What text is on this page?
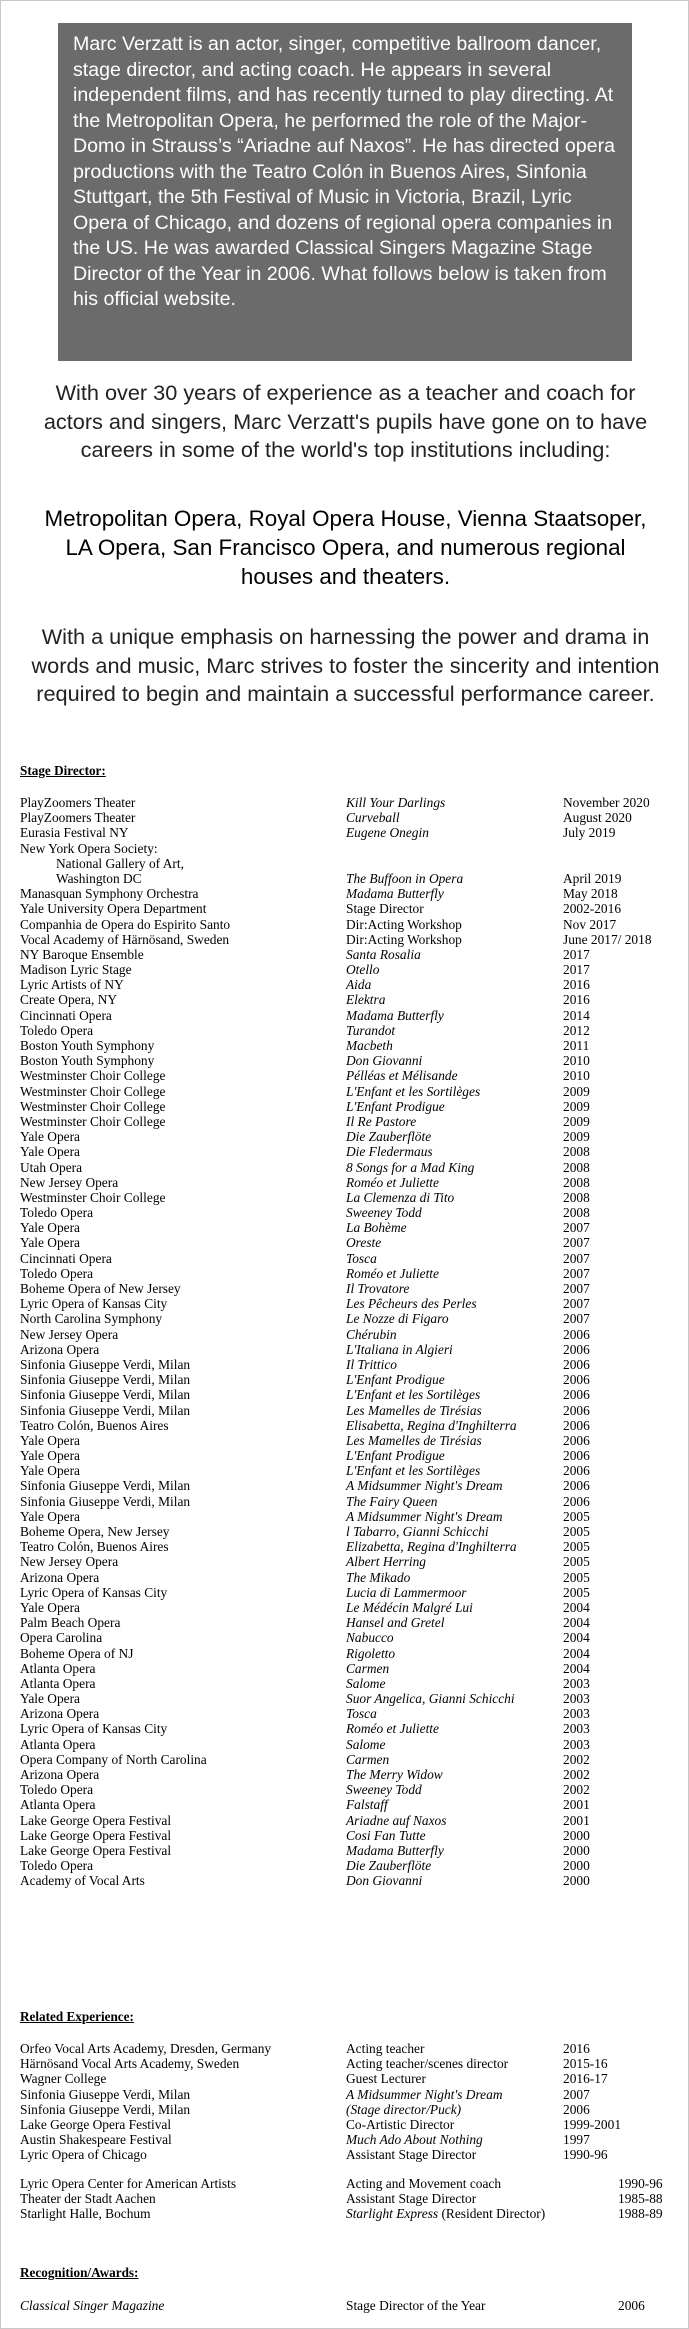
Marc Verzatt is an actor, singer, competitive ballroom dancer, stage director, and acting coach. He appears in several independent films, and has recently turned to play directing. At the Metropolitan Opera, he performed the role of the Major-Domo in Strauss’s “Ariadne auf Naxos”. He has directed opera productions with the Teatro Colón in Buenos Aires, Sinfonia Stuttgart, the 5th Festival of Music in Victoria, Brazil, Lyric Opera of Chicago, and dozens of regional opera companies in the US. He was awarded Classical Singers Magazine Stage Director of the Year in 2006. What follows below is taken from his official website.

With over 30 years of experience as a teacher and coach for actors and singers, Marc Verzatt's pupils have gone on to have careers in some of the world's top institutions including:

Metropolitan Opera, Royal Opera House, Vienna Staatsoper, LA Opera, San Francisco Opera, and numerous regional houses and theaters.

With a unique emphasis on harnessing the power and drama in words and music, Marc strives to foster the sincerity and intention required to begin and maintain a successful performance career.

Stage Director:
PlayZoomers Theater	Kill Your Darlings	November 2020
PlayZoomers Theater	Curveball	August 2020
Eurasia Festival NY	Eugene Onegin	July 2019
New York Opera Society:
National Gallery of Art,
Washington DC	The Buffoon in Opera	April 2019
Manasquan Symphony Orchestra	Madama Butterfly	May 2018
Yale University Opera Department	Stage Director	2002-2016
Companhia de Opera do Espirito Santo	Dir:Acting Workshop	Nov 2017
Vocal Academy of Härnösand, Sweden	Dir:Acting Workshop	June 2017/ 2018
NY Baroque Ensemble	Santa Rosalia	2017
Madison Lyric Stage	Otello	2017
Lyric Artists of NY	Aida	2016
Create Opera, NY	Elektra	2016
Cincinnati Opera	Madama Butterfly	2014
Toledo Opera	Turandot	2012
Boston Youth Symphony	Macbeth	2011
Boston Youth Symphony	Don Giovanni	2010
Westminster Choir College	Pélléas et Mélisande	2010
Westminster Choir College	L'Enfant et les Sortilèges	2009
Westminster Choir College	L'Enfant Prodigue	2009
Westminster Choir College	Il Re Pastore	2009
Yale Opera	Die Zauberflöte	2009
Yale Opera	Die Fledermaus	2008
Utah Opera	8 Songs for a Mad King	2008
New Jersey Opera	Roméo et Juliette	2008
Westminster Choir College	La Clemenza di Tito	2008
Toledo Opera	Sweeney Todd	2008
Yale Opera	La Bohème	2007
Yale Opera	Oreste	2007
Cincinnati Opera	Tosca	2007
Toledo Opera	Roméo et Juliette	2007
Boheme Opera of New Jersey	Il Trovatore	2007
Lyric Opera of Kansas City	Les Pêcheurs des Perles	2007
North Carolina Symphony	Le Nozze di Figaro	2007
New Jersey Opera	Chérubin	2006
Arizona Opera	L'Italiana in Algieri	2006
Sinfonia Giuseppe Verdi, Milan	Il Trittico	2006
Sinfonia Giuseppe Verdi, Milan	L'Enfant Prodigue	2006
Sinfonia Giuseppe Verdi, Milan	L'Enfant et les Sortilèges	2006
Sinfonia Giuseppe Verdi, Milan	Les Mamelles de Tirésias	2006
Teatro Colón, Buenos Aires	Elisabetta, Regina d'Inghilterra	2006
Yale Opera	Les Mamelles de Tirésias	2006
Yale Opera	L'Enfant Prodigue	2006
Yale Opera	L'Enfant et les Sortilèges	2006
Sinfonia Giuseppe Verdi, Milan	A Midsummer Night's Dream	2006
Sinfonia Giuseppe Verdi, Milan	The Fairy Queen	2006
Yale Opera	A Midsummer Night's Dream	2005
Boheme Opera, New Jersey	l Tabarro, Gianni Schicchi	2005
Teatro Colón, Buenos Aires	Elizabetta, Regina d'Inghilterra	2005
New Jersey Opera	Albert Herring	2005
Arizona Opera	The Mikado	2005
Lyric Opera of Kansas City	Lucia di Lammermoor	2005
Yale Opera	Le Médécin Malgré Lui	2004
Palm Beach Opera	Hansel and Gretel	2004
Opera Carolina	Nabucco	2004
Boheme Opera of NJ	Rigoletto	2004
Atlanta Opera	Carmen	2004
Atlanta Opera	Salome	2003
Yale Opera	Suor Angelica, Gianni Schicchi	2003
Arizona Opera	Tosca	2003
Lyric Opera of Kansas City	Roméo et Juliette	2003
Atlanta Opera	Salome	2003
Opera Company of North Carolina	Carmen	2002
Arizona Opera	The Merry Widow	2002
Toledo Opera	Sweeney Todd	2002
Atlanta Opera	Falstaff	2001
Lake George Opera Festival	Ariadne auf Naxos	2001
Lake George Opera Festival	Cosi Fan Tutte	2000
Lake George Opera Festival	Madama Butterfly	2000
Toledo Opera	Die Zauberflöte	2000
Academy of Vocal Arts	Don Giovanni	2000
Related Experience:
Orfeo Vocal Arts Academy, Dresden, Germany	Acting teacher	2016
Härnösand Vocal Arts Academy, Sweden	Acting teacher/scenes director	2015-16
Wagner College	Guest Lecturer	2016-17
Sinfonia Giuseppe Verdi, Milan	A Midsummer Night's Dream	2007
Sinfonia Giuseppe Verdi, Milan	(Stage director/Puck)	2006
Lake George Opera Festival	Co-Artistic Director	1999-2001
Austin Shakespeare Festival	Much Ado About Nothing	1997
Lyric Opera of Chicago	Assistant Stage Director	1990-96
Lyric Opera Center for American Artists	Acting and Movement coach	1990-96
Theater der Stadt Aachen	Assistant Stage Director	1985-88
Starlight Halle, Bochum	Starlight Express (Resident Director)	1988-89
Recognition/Awards:
Classical Singer Magazine	Stage Director of the Year	2006
